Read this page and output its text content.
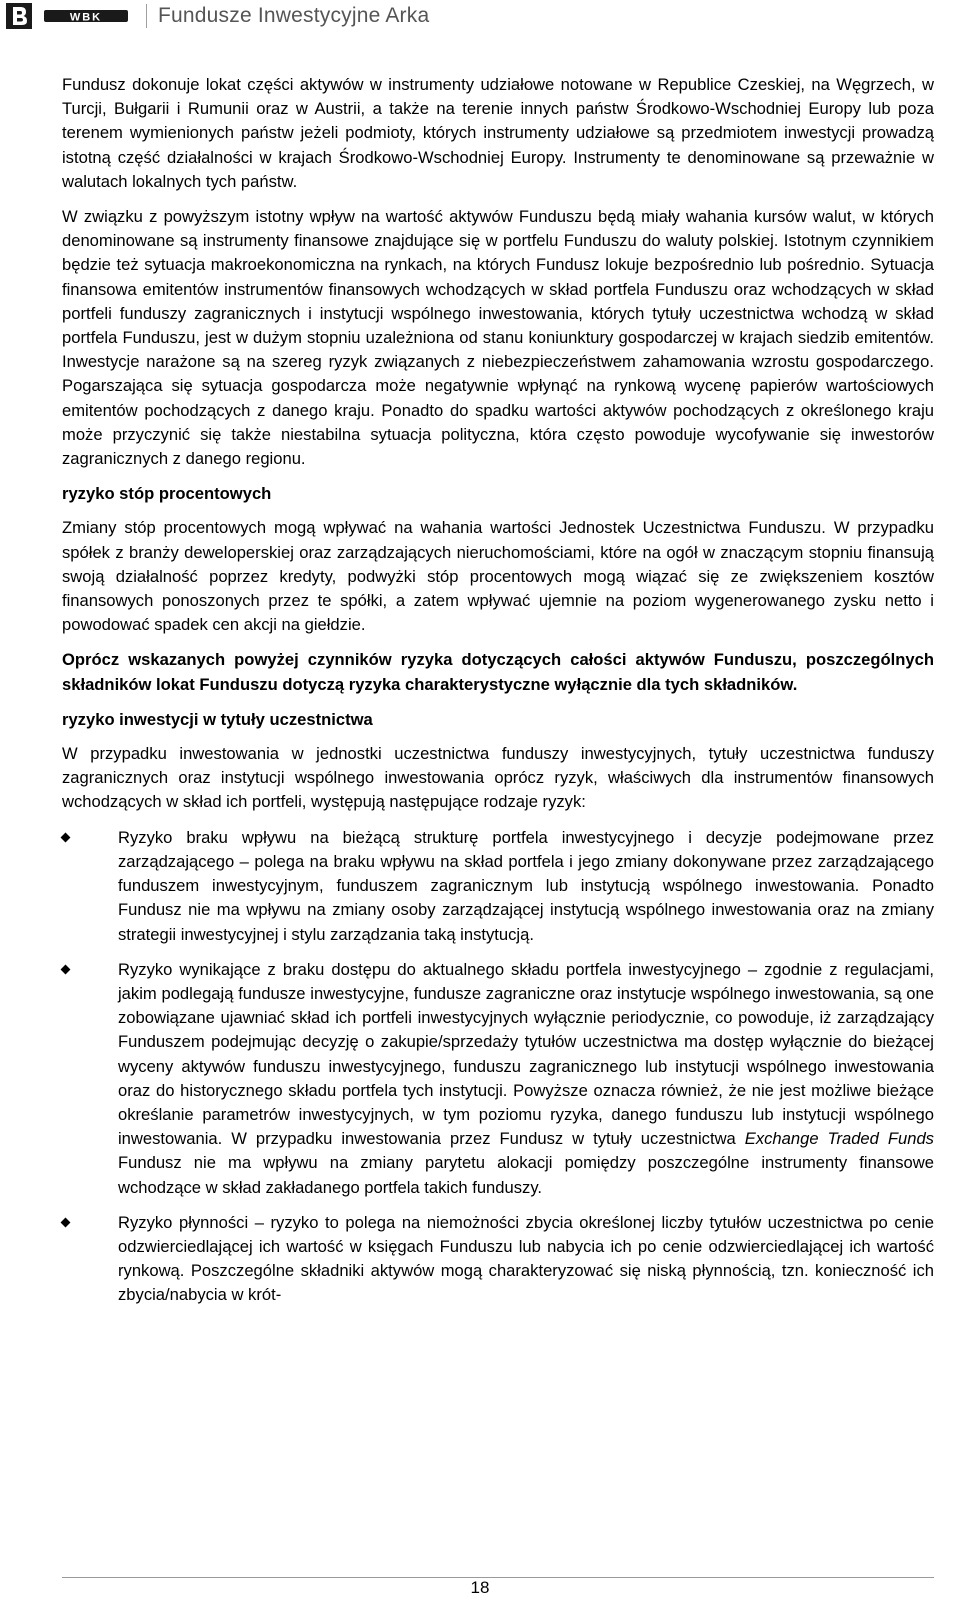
WBK	Fundusze Inwestycyjne Arka

Fundusz dokonuje lokat części aktywów w instrumenty udziałowe notowane w Republice Czeskiej, na Węgrzech, w Turcji, Bułgarii i Rumunii oraz w Austrii, a także na terenie innych państw Środkowo-Wschodniej Europy lub poza terenem wymienionych państw jeżeli podmioty, których instrumenty udziałowe są przedmiotem inwestycji prowadzą istotną część działalności w krajach Środkowo-Wschodniej Europy. Instrumenty te denominowane są przeważnie w walutach lokalnych tych państw.

W związku z powyższym istotny wpływ na wartość aktywów Funduszu będą miały wahania kursów walut, w których denominowane są instrumenty finansowe znajdujące się w portfelu Funduszu do waluty polskiej. Istotnym czynnikiem będzie też sytuacja makroekonomiczna na rynkach, na których Fundusz lokuje bezpośrednio lub pośrednio. Sytuacja finansowa emitentów instrumentów finansowych wchodzących w skład portfela Funduszu oraz wchodzących w skład portfeli funduszy zagranicznych i instytucji wspólnego inwestowania, których tytuły uczestnictwa wchodzą w skład portfela Funduszu, jest w dużym stopniu uzależniona od stanu koniunktury gospodarczej w krajach siedzib emitentów. Inwestycje narażone są na szereg ryzyk związanych z niebezpieczeństwem zahamowania wzrostu gospodarczego. Pogarszająca się sytuacja gospodarcza może negatywnie wpłynąć na rynkową wycenę papierów wartościowych emitentów pochodzących z danego kraju. Ponadto do spadku wartości aktywów pochodzących z określonego kraju może przyczynić się także niestabilna sytuacja polityczna, która często powoduje wycofywanie się inwestorów zagranicznych z danego regionu.

ryzyko stóp procentowych

Zmiany stóp procentowych mogą wpływać na wahania wartości Jednostek Uczestnictwa Funduszu. W przypadku spółek z branży deweloperskiej oraz zarządzających nieruchomościami, które na ogół w znaczącym stopniu finansują swoją działalność poprzez kredyty, podwyżki stóp procentowych mogą wiązać się ze zwiększeniem kosztów finansowych ponoszonych przez te spółki, a zatem wpływać ujemnie na poziom wygenerowanego zysku netto i powodować spadek cen akcji na giełdzie.

Oprócz wskazanych powyżej czynników ryzyka dotyczących całości aktywów Funduszu, poszczególnych składników lokat Funduszu dotyczą ryzyka charakterystyczne wyłącznie dla tych składników.

ryzyko inwestycji w tytuły uczestnictwa

W przypadku inwestowania w jednostki uczestnictwa funduszy inwestycyjnych, tytuły uczestnictwa funduszy zagranicznych oraz instytucji wspólnego inwestowania oprócz ryzyk, właściwych dla instrumentów finansowych wchodzących w skład ich portfeli, występują następujące rodzaje ryzyk:

Ryzyko braku wpływu na bieżącą strukturę portfela inwestycyjnego i decyzje podejmowane przez zarządzającego – polega na braku wpływu na skład portfela i jego zmiany dokonywane przez zarządzającego funduszem inwestycyjnym, funduszem zagranicznym lub instytucją wspólnego inwestowania. Ponadto Fundusz nie ma wpływu na zmiany osoby zarządzającej instytucją wspólnego inwestowania oraz na zmiany strategii inwestycyjnej i stylu zarządzania taką instytucją.
Ryzyko wynikające z braku dostępu do aktualnego składu portfela inwestycyjnego – zgodnie z regulacjami, jakim podlegają fundusze inwestycyjne, fundusze zagraniczne oraz instytucje wspólnego inwestowania, są one zobowiązane ujawniać skład ich portfeli inwestycyjnych wyłącznie periodycznie, co powoduje, iż zarządzający Funduszem podejmując decyzję o zakupie/sprzedaży tytułów uczestnictwa ma dostęp wyłącznie do bieżącej wyceny aktywów funduszu inwestycyjnego, funduszu zagranicznego lub instytucji wspólnego inwestowania oraz do historycznego składu portfela tych instytucji. Powyższe oznacza również, że nie jest możliwe bieżące określanie parametrów inwestycyjnych, w tym poziomu ryzyka, danego funduszu lub instytucji wspólnego inwestowania. W przypadku inwestowania przez Fundusz w tytuły uczestnictwa Exchange Traded Funds Fundusz nie ma wpływu na zmiany parytetu alokacji pomiędzy poszczególne instrumenty finansowe wchodzące w skład zakładanego portfela takich funduszy.
Ryzyko płynności – ryzyko to polega na niemożności zbycia określonej liczby tytułów uczestnictwa po cenie odzwierciedlającej ich wartość w księgach Funduszu lub nabycia ich po cenie odzwierciedlającej ich wartość rynkową. Poszczególne składniki aktywów mogą charakteryzować się niską płynnością, tzn. konieczność ich zbycia/nabycia w krót-
18
